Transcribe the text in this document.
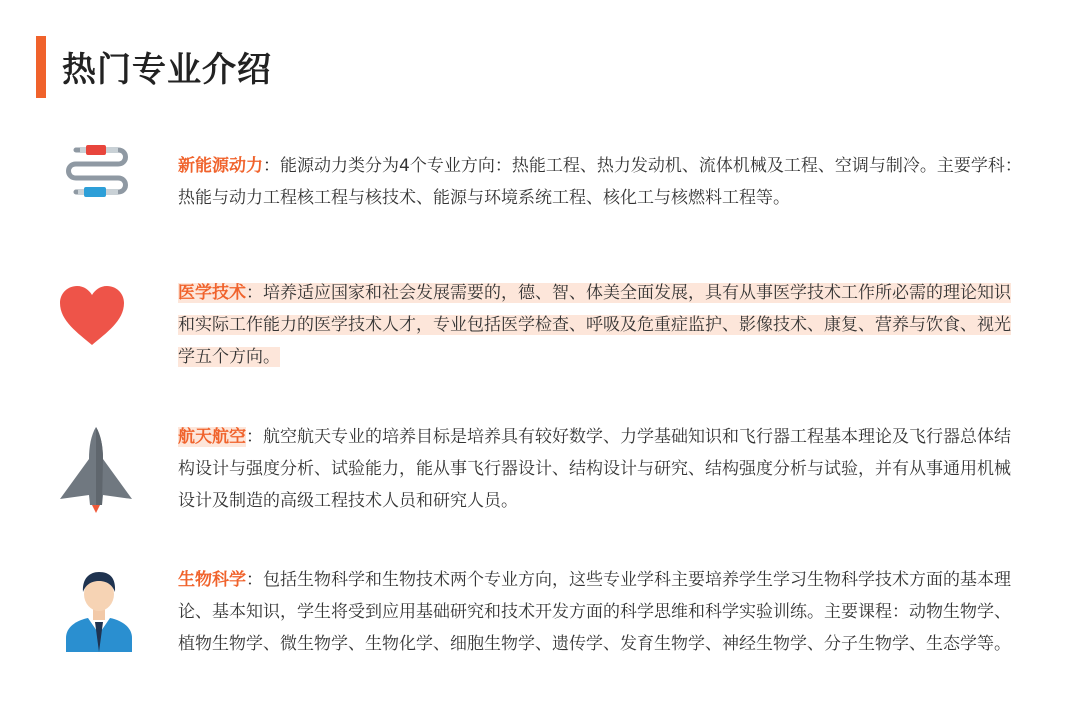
热门专业介绍
新能源动力：能源动力类分为4个专业方向：热能工程、热力发动机、流体机械及工程、空调与制冷。主要学科：热能与动力工程核工程与核技术、能源与环境系统工程、核化工与核燃料工程等。
医学技术：培养适应国家和社会发展需要的，德、智、体美全面发展，具有从事医学技术工作所必需的理论知识和实际工作能力的医学技术人才，专业包括医学检查、呼吸及危重症监护、影像技术、康复、营养与饮食、视光学五个方向。
航天航空：航空航天专业的培养目标是培养具有较好数学、力学基础知识和飞行器工程基本理论及飞行器总体结构设计与强度分析、试验能力，能从事飞行器设计、结构设计与研究、结构强度分析与试验，并有从事通用机械设计及制造的高级工程技术人员和研究人员。
生物科学：包括生物科学和生物技术两个专业方向，这些专业学科主要培养学生学习生物科学技术方面的基本理论、基本知识，学生将受到应用基础研究和技术开发方面的科学思维和科学实验训练。主要课程：动物生物学、植物生物学、微生物学、生物化学、细胞生物学、遗传学、发育生物学、神经生物学、分子生物学、生态学等。
